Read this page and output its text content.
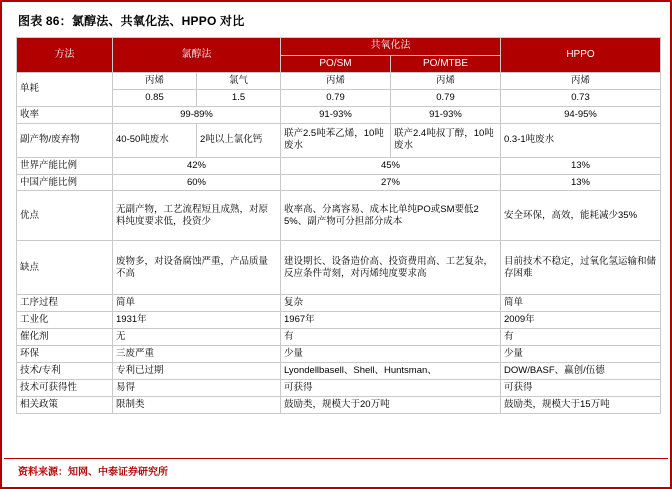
图表 86：氯醇法、共氧化法、HPPO 对比
方法	氯醇法		共氧化法		HPPO
			PO/SM	PO/MTBE	
单耗	丙烯	氯气	丙烯	丙烯	丙烯
	0.85	1.5	0.79	0.79	0.73
收率	99-89%		91-93%	91-93%	94-95%
副产物/废弃物	40-50吨废水	2吨以上氯化钙	联产2.5吨苯乙烯，10吨废水	联产2.4吨叔丁醇，10吨废水	0.3-1吨废水
世界产能比例	42%		45%		13%
中国产能比例	60%		27%		13%
优点	无副产物，工艺流程短且成熟，对原料纯度要求低，投资少		收率高、分离容易、成本比单纯PO或SM要低25%、副产物可分担部分成本		安全环保，高效，能耗减少35%
缺点	废物多，对设备腐蚀严重，产品质量不高		建设期长、设备造价高、投资费用高、工艺复杂，反应条件苛刻，对丙烯纯度要求高		目前技术不稳定，过氧化氢运输和储存困难
工序过程	简单		复杂		简单
工业化	1931年		1967年		2009年
催化剂	无		有		有
环保	三废严重		少量		少量
技术/专利	专利已过期		Lyondellbasell、Shell、Huntsman、		DOW/BASF、赢创/伍德
技术可获得性	易得		可获得		可获得
相关政策	限制类		鼓励类，规模大于20万吨		鼓励类，规模大于15万吨
资料来源：知网、中泰证券研究所
